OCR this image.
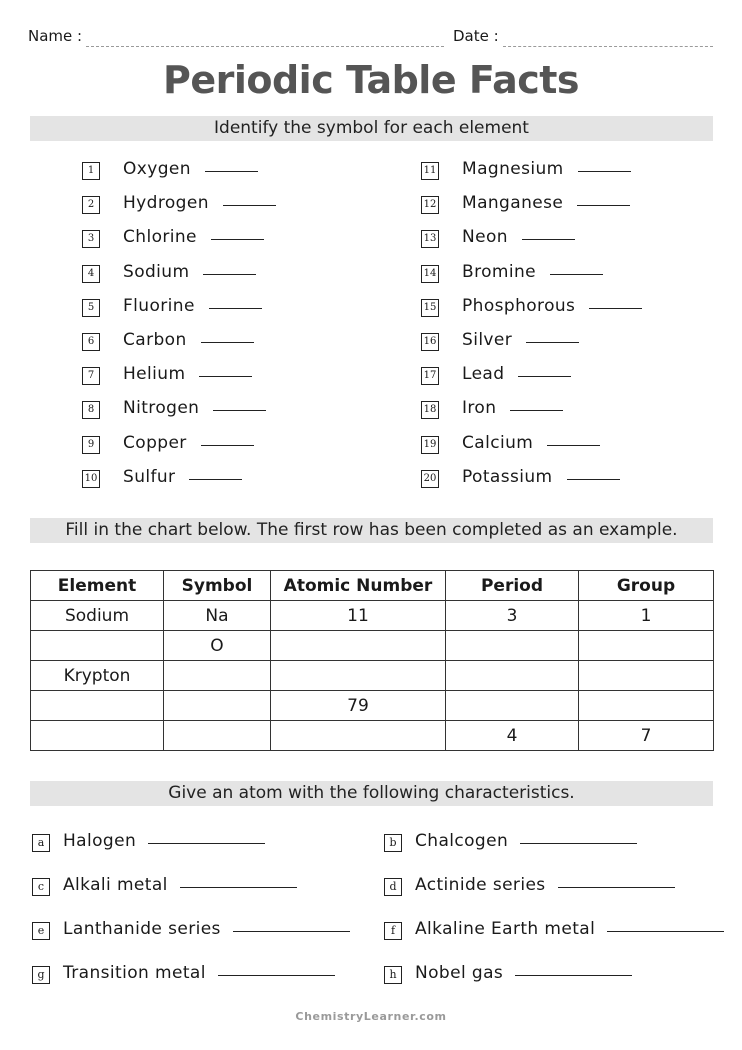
Name :	Date :
Periodic Table Facts
Identify the symbol for each element
1	Oxygen
2	Hydrogen
3	Chlorine
4	Sodium
5	Fluorine
6	Carbon
7	Helium
8	Nitrogen
9	Copper
10 Sulfur
11 Magnesium
12 Manganese
13 Neon
14 Bromine
15 Phosphorous
16 Silver
17 Lead
18 Iron
19 Calcium
20 Potassium
Fill in the chart below. The first row has been completed as an example.
Element	Symbol	Atomic Number	Period	Group
Sodium	Na	11	3	1
	O			
Krypton				
		79		
			4	7
Give an atom with the following characteristics.
a	Halogen	b	Chalcogen
c	Alkali metal	d	Actinide series
e	Lanthanide series	f	Alkaline Earth metal
g	Transition metal	h	Nobel gas
ChemistryLearner.com
